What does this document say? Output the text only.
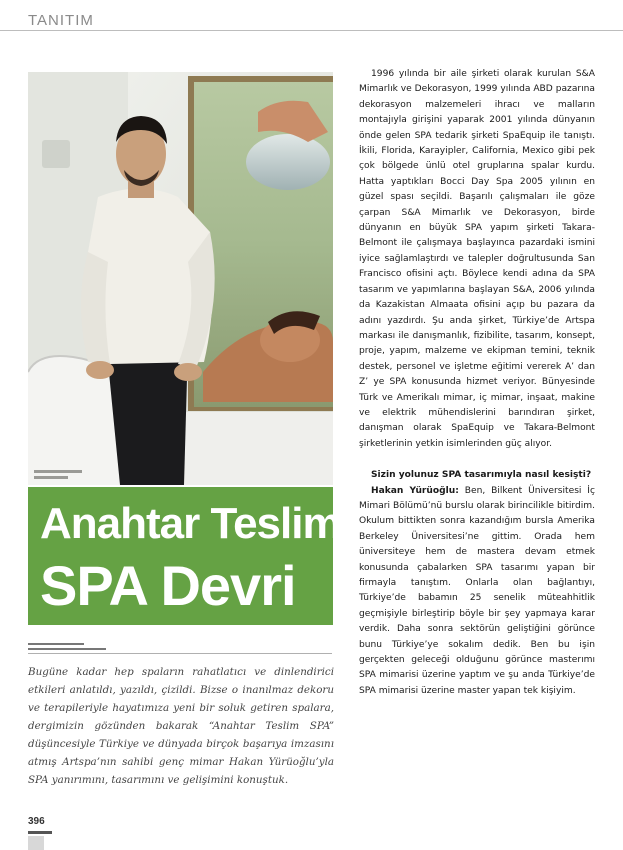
TANITIM
Anahtar Teslim
SPA Devri

Bugüne kadar hep spaların rahatlatıcı ve dinlendirici etkileri anlatıldı, yazıldı, çizildi. Bizse o inanılmaz dekoru ve terapileriyle hayatımıza yeni bir soluk getiren spalara, dergimizin gözünden bakarak “Anahtar Teslim SPA” düşüncesiyle Türkiye ve dünyada birçok başarıya imzasını atmış Artspa’nın sahibi genç mimar Hakan Yürüoğlu’yla SPA yanırımını, tasarımını ve gelişimini konuştuk.

1996 yılında bir aile şirketi olarak kurulan S&A Mimarlık ve Dekorasyon, 1999 yılında ABD pazarına dekorasyon malzemeleri ihracı ve malların montajıyla girişini yaparak 2001 yılında dünyanın önde gelen SPA tedarik şirketi SpaEquip ile tanıştı. İkili, Florida, Karayipler, California, Mexico gibi pek çok bölgede ünlü otel gruplarına spalar kurdu. Hatta yaptıkları Bocci Day Spa 2005 yılının en güzel spası seçildi. Başarılı çalışmaları ile göze çarpan S&A Mimarlık ve Dekorasyon, birde dünyanın en büyük SPA yapım şirketi Takara-Belmont ile çalışmaya başlayınca pazardaki ismini iyice sağlamlaştırdı ve talepler doğrultusunda San Francisco ofisini açtı. Böylece kendi adına da SPA tasarım ve yapımlarına başlayan S&A, 2006 yılında da Kazakistan Almaata ofisini açıp bu pazara da adını yazdırdı. Şu anda şirket, Türkiye’de Artspa markası ile danışmanlık, fizibilite, tasarım, konsept, proje, yapım, malzeme ve ekipman temini, teknik destek, personel ve işletme eğitimi vererek A’ dan Z’ ye SPA konusunda hizmet veriyor. Bünyesinde Türk ve Amerikalı mimar, iç mimar, inşaat, makine ve elektrik mühendislerini barındıran şirket, danışman olarak SpaEquip ve Takara-Belmont şirketlerinin yetkin isimlerinden güç alıyor.

Sizin yolunuz SPA tasarımıyla nasıl kesişti?

Hakan Yürüoğlu: Ben, Bilkent Üniversitesi İç Mimari Bölümü’nü burslu olarak birincilikle bitirdim. Okulum bittikten sonra kazandığım bursla Amerika Berkeley Üniversitesi’ne gittim. Orada hem üniversiteye hem de mastera devam etmek konusunda çabalarken SPA tasarımı yapan bir firmayla tanıştım. Onlarla olan bağlantıyı, Türkiye’de babamın 25 senelik müteahhitlik geçmişiyle birleştirip böyle bir şey yapmaya karar verdik. Daha sonra sektörün geliştiğini görünce bunu Türkiye’ye sokalım dedik. Ben bu işin gerçekten geleceği olduğunu görünce masterımı SPA mimarisi üzerine yaptım ve şu anda Türkiye’de SPA mimarisi üzerine master yapan tek kişiyim.

396
